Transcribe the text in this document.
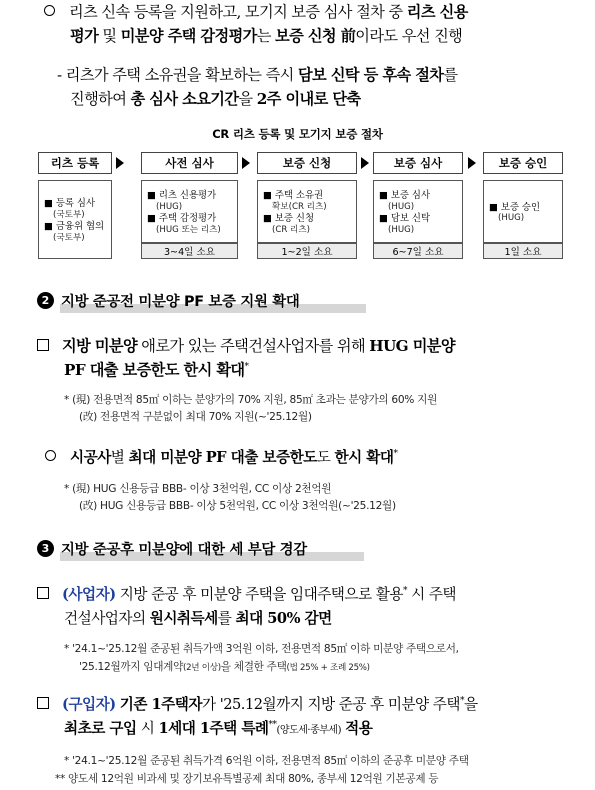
리츠 신속 등록을 지원하고, 모기지 보증 심사 절차 중 리츠 신용
평가 및 미분양 주택 감정평가는 보증 신청 前이라도 우선 진행
- 리츠가 주택 소유권을 확보하는 즉시 담보 신탁 등 후속 절차를
진행하여 총 심사 소요기간을 2주 이내로 단축
CR 리츠 등록 및 모기지 보증 절차
리츠 등록
■ 등록 심사
(국토부)
■ 금융위 협의
(국토부)
사전 심사
■ 리츠 신용평가
(HUG)
■ 주택 감정평가
(HUG 또는 리츠)
3~4일 소요
보증 신청
■ 주택 소유권
확보(CR 리츠)
■ 보증 신청
(CR 리츠)
1~2일 소요
보증 심사
■ 보증 심사
(HUG)
■ 담보 신탁
(HUG)
6~7일 소요
보증 승인
■ 보증 승인
(HUG)
1일 소요
2 지방 준공전 미분양 PF 보증 지원 확대
지방 미분양 애로가 있는 주택건설사업자를 위해 HUG 미분양
PF 대출 보증한도 한시 확대*
* (現) 전용면적 85㎡ 이하는 분양가의 70% 지원, 85㎡ 초과는 분양가의 60% 지원
(改) 전용면적 구분없이 최대 70% 지원(~'25.12월)
시공사별 최대 미분양 PF 대출 보증한도도 한시 확대*
* (現) HUG 신용등급 BBB- 이상 3천억원, CC 이상 2천억원
(改) HUG 신용등급 BBB- 이상 5천억원, CC 이상 3천억원(~'25.12월)
3 지방 준공후 미분양에 대한 세 부담 경감
(사업자) 지방 준공 후 미분양 주택을 임대주택으로 활용* 시 주택
건설사업자의 원시취득세를 최대 50% 감면
* '24.1~'25.12월 준공된 취득가액 3억원 이하, 전용면적 85㎡ 이하 미분양 주택으로서,
'25.12월까지 임대계약(2년 이상)을 체결한 주택(법 25% + 조례 25%)
(구입자) 기존 1주택자가 '25.12월까지 지방 준공 후 미분양 주택*을
최초로 구입 시 1세대 1주택 특례**(양도세·종부세) 적용
* '24.1~'25.12월 준공된 취득가격 6억원 이하, 전용면적 85㎡ 이하의 준공후 미분양 주택
** 양도세 12억원 비과세 및 장기보유특별공제 최대 80%, 종부세 12억원 기본공제 등
